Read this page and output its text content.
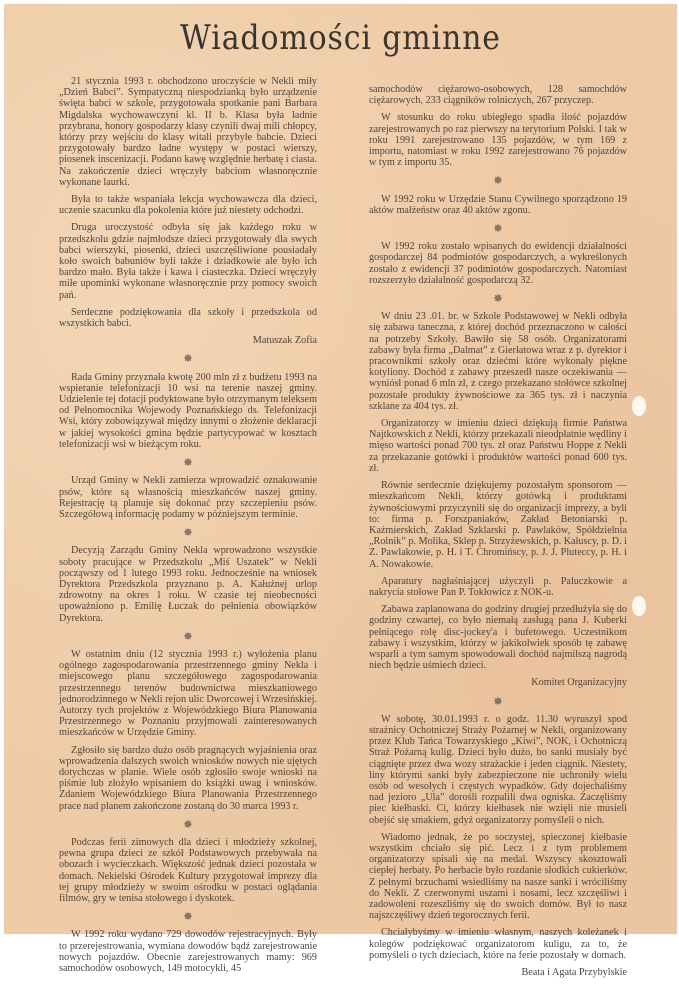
Wiadomości gminne

21 stycznia 1993 r. obchodzono uroczyście w Nekli miły „Dzień Babci”. Sympatyczną niespodzianką było urządzenie święta babci w szkole, przygotowała spotkanie pani Barbara Migdalska wychowawczyni kl. II b. Klasa była ładnie przybrana, honory gospodarzy klasy czynili dwaj mili chłopcy, którzy przy wejściu do klasy witali przybyłe babcie. Dzieci przygotowały bardzo ładne występy w postaci wierszy, piosenek inscenizacji. Podano kawę względnie herbatę i ciasta. Na zakończenie dzieci wręczyły babciom własnoręcznie wykonane laurki.

Była to także wspaniała lekcja wychowawcza dla dzieci, uczenie szacunku dla pokolenia które już niestety odchodzi.

Druga uroczystość odbyła się jak każdego roku w przedszkolu gdzie najmłodsze dzieci przygotowały dla swych babci wierszyki, piosenki, dzieci uszczęśliwione pousiadały koło swoich babuniów byli także i dziadkowie ale było ich bardzo mało. Była także i kawa i ciasteczka. Dzieci wręczyły miłe upominki wykonane własnoręcznie przy pomocy swoich pań.

Serdeczne podziękowania dla szkoły i przedszkola od wszystkich babci.

Matuszak Zofia
✵

Rada Gminy przyznała kwotę 200 mln zł z budżetu 1993 na wspieranie telefonizacji 10 wsi na terenie naszej gminy. Udzielenie tej dotacji podyktowane było otrzymanym teleksem od Pełnomocnika Wojewody Poznańskiego ds. Telefonizacji Wsi, który zobowiązywał między innymi o złożenie deklaracji w jakiej wysokości gmina będzie partycypować w kosztach telefonizacji wsi w bieżącym roku.

✵

Urząd Gminy w Nekli zamierza wprowadzić oznakowanie psów, które są własnością mieszkańców naszej gminy. Rejestrację tą planuje się dokonać przy szczepieniu psów. Szczegółową informację podamy w późniejszym terminie.

✵

Decyzją Zarządu Gminy Nekla wprowadzono wszystkie soboty pracujące w Przedszkolu „Miś Uszatek” w Nekli począwszy od 1 lutego 1993 roku. Jednocześnie na wniosek Dyrektora Przedszkola przyznano p. A. Kałużnej urlop zdrowotny na okres 1 roku. W czasie tej nieobecności upoważniono p. Emilię Łuczak do pełnienia obowiązków Dyrektora.

✵

W ostatnim dniu (12 stycznia 1993 r.) wyłożenia planu ogólnego zagospodarowania przestrzennego gminy Nekla i miejscowego planu szczegółowego zagospodarowania przestrzennego terenów budownictwa mieszkaniowego jednorodzinnego w Nekli rejon ulic Dworcowej i Wrzesińskiej. Autorzy tych projektów z Wojewódzkiego Biura Planowania Przestrzennego w Poznaniu przyjmowali zainteresowanych mieszkańców w Urzędzie Gminy.

Zgłosiło się bardzo dużo osób pragnących wyjaśnienia oraz wprowadzenia dalszych swoich wniosków nowych nie ujętych dotychczas w planie. Wiele osób zgłosiło swoje wnioski na piśmie lub złożyło wpisaniem do książki uwag i wniosków. Zdaniem Wojewódzkiego Biura Planowania Przestrzennego prace nad planem zakończone zostaną do 30 marca 1993 r.

✵

Podczas ferii zimowych dla dzieci i młodzieży szkolnej, pewna grupa dzieci ze szkół Podstawowych przebywała na obozach i wycieczkach. Większość jednak dzieci pozostała w domach. Nekielski Ośrodek Kultury przygotował imprezy dla tej grupy młodzieży w swoim ośrodku w postaci oglądania filmów, gry w tenisa stołowego i dyskotek.

✵

W 1992 roku wydano 729 dowodów rejestracyjnych. Były to przerejestrowania, wymiana dowodów bądź zarejestrowanie nowych pojazdów. Obecnie zarejestrowanych mamy: 969 samochodów osobowych, 149 motocykli, 45

samochodów ciężarowo-osobowych, 128 samochdów ciężarowych, 233 ciągników rolniczych, 267 przyczep.

W stosunku do roku ubiegłego spadła ilość pojazdów zarejestrowanych po raz pierwszy na terytorium Polski. I tak w roku 1991 zarejestrowano 135 pojazdów, w tym 169 z importu, natomiast w roku 1992 zarejestrowano 76 pojazdów w tym z importu 35.

✵

W 1992 roku w Urzędzie Stanu Cywilnego sporządzono 19 aktów małżeństw oraz 40 aktów zgonu.

✵

W 1992 roku zostało wpisanych do ewidencji działalności gospodarczej 84 podmiotów gospodarczych, a wykreślonych zostało z ewidencji 37 podmiotów gospodarczych. Natomiast rozszerzyło działalność gospodarczą 32.

✵

W dniu 23 .01. br. w Szkole Podstawowej w Nekli odbyła się zabawa taneczna, z której dochód przeznaczono w całości na potrzeby Szkoły. Bawiło się 58 osób. Organizatorami zabawy była firma „Dalmat” z Gierłatowa wraz z p. dyrektor i pracownikmi szkoły oraz dziećmi które wykonały piękne kotyliony. Dochód z zabawy przeszedł nasze oczekiwania — wyniósł ponad 6 mln zł, z czego przekazano stołówce szkolnej pozostałe produkty żywnościowe za 365 tys. zł i naczynia szklane za 404 tys. zł.

Organizatorzy w imieniu dzieci dziękują firmie Państwa Najtkowskich z Nekli, którzy przekazali nieodpłatnie wędliny i mięso wartości ponad 700 tys. zł oraz Państwu Hoppe z Nekli za przekazanie gotówki i produktów wartości ponad 600 tys. zł.

Równie serdecznie dziękujemy pozostałym sponsorom — mieszkańcom Nekli, którzy gotówką i produktami żywnościowymi przyczynili się do organizacji imprezy, a byli to: firma p. Forszpaniaków, Zakład Betoniarski p. Kaźmierskich, Zakład Szklarski p. Pawlaków, Spółdzielnia „Rolnik” p. Molika, Sklep p. Strzyżewskich, p. Kałuscy, p. D. i Z. Pawlakowie, p. H. i T. Chromińscy, p. J. J. Pluteccy, p. H. i A. Nowakowie.

Aparatury nagłaśniającej użyczyli p. Paluczkowie a nakrycia stołowe Pan P. Tokłowicz z NOK-u.

Zabawa zaplanowana do godziny drugiej przedłużyła się do godziny czwartej, co było niemałą zasługą pana J. Kuberki pełniącego rolę disc-jockey'a i bufetowego. Uczestnikom zabawy i wszystkim, którzy w jakikolwiek sposób tę zabawę wsparli a tym samym spowodowali dochód najmilszą nagrodą niech będzie uśmiech dzieci.

Komitet Organizacyjny
✵

W sobotę, 30.01.1993 r. o godz. 11.30 wyruszył spod strażnicy Ochotniczej Straży Pożarnej w Nekli, organizowany przez Klub Tańca Towarzyskiego „Kiwi”, NOK, i Ochotniczą Straż Pożarną kulig. Dzieci było dużo, bo sanki musiały być ciągnięte przez dwa wozy strażackie i jeden ciągnik. Niestety, liny którymi sanki były zabezpieczone nie uchroniły wielu osób od wesołych i częstych wypadków. Gdy dojechaliśmy nad jezioro „Ula” dorośli rozpalili dwa ogniska. Zaczęliśmy piec kiełbaski. Ci, którzy kiełbasek nie wzięli nie musieli obejść się smakiem, gdyż organizatorzy pomyśleli o nich.

Wiadomo jednak, że po soczystej, spieczonej kiełbasie wszystkim chciało się pić. Lecz i z tym problemem organizatorzy spisali się na medal. Wszyscy skosztowali ciepłej herbaty. Po herbacie było rozdanie słodkich cukierków. Z pełnymi brzuchami wsiedliśmy na nasze sanki i wróciliśmy do Nekli. Z czerwonymi uszami i nosami, lecz szczęśliwi i zadowoleni rozeszliśmy się do swoich domów. Był to nasz najszczęśliwy dzień tegorocznych ferii.

Chciałybyśmy w imieniu własnym, naszych koleżanek i kolegów podziękować organizatorom kuligu, za to, że pomyśleli o tych dzieciach, które na ferie pozostały w domach.

Beata i Agata Przybylskie
